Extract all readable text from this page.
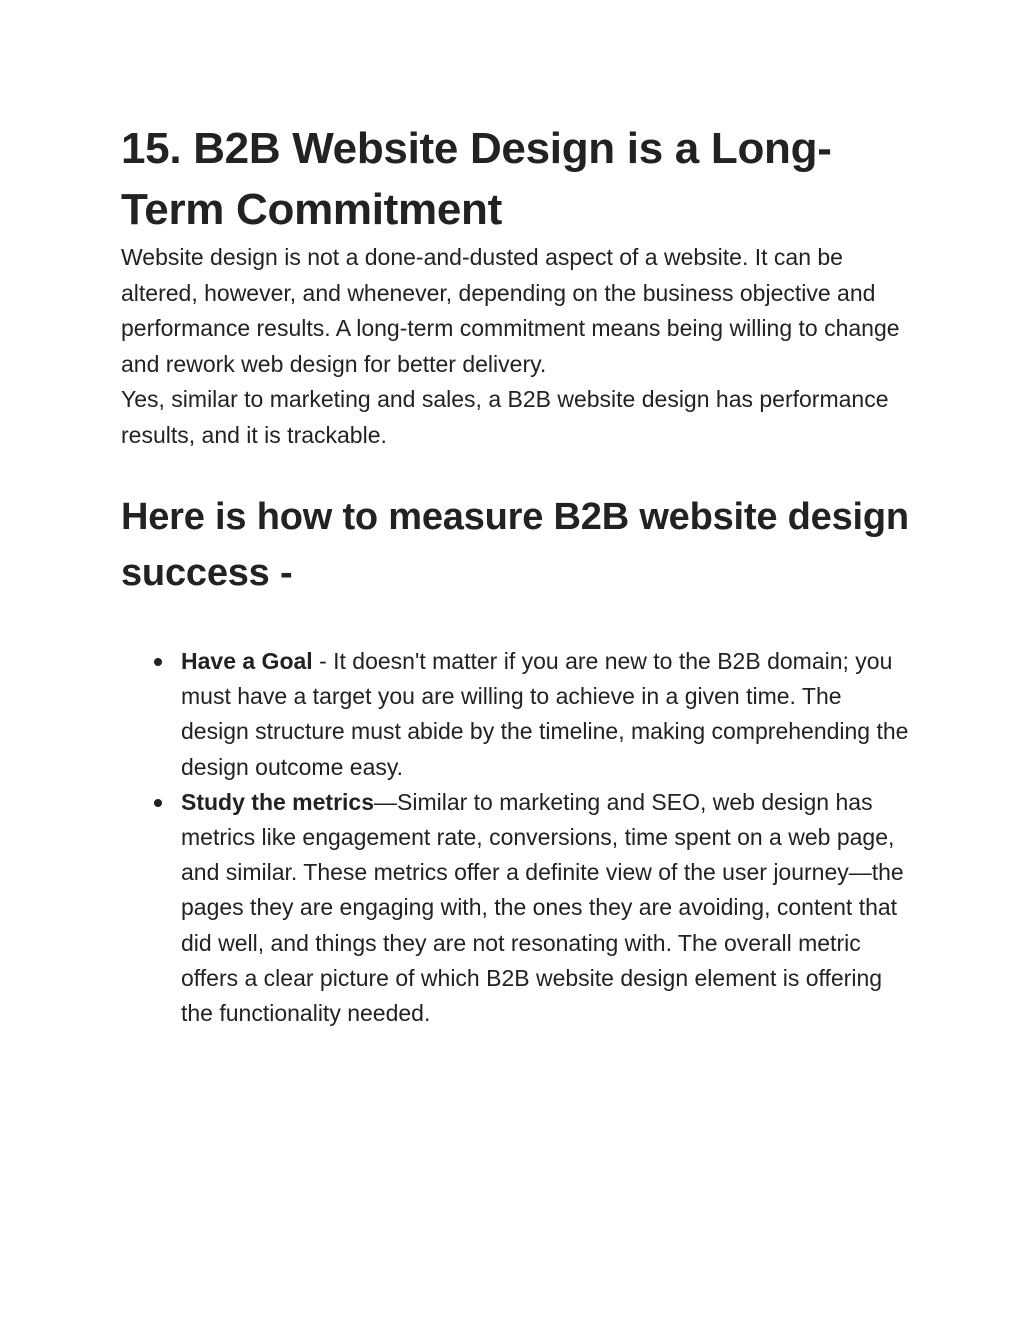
15. B2B Website Design is a Long-Term Commitment

Website design is not a done-and-dusted aspect of a website. It can be altered, however, and whenever, depending on the business objective and performance results. A long-term commitment means being willing to change and rework web design for better delivery.

Yes, similar to marketing and sales, a B2B website design has performance results, and it is trackable.

Here is how to measure B2B website design success -
Have a Goal - It doesn't matter if you are new to the B2B domain; you must have a target you are willing to achieve in a given time. The design structure must abide by the timeline, making comprehending the design outcome easy.
Study the metrics—Similar to marketing and SEO, web design has metrics like engagement rate, conversions, time spent on a web page, and similar. These metrics offer a definite view of the user journey—the pages they are engaging with, the ones they are avoiding, content that did well, and things they are not resonating with. The overall metric offers a clear picture of which B2B website design element is offering the functionality needed.
